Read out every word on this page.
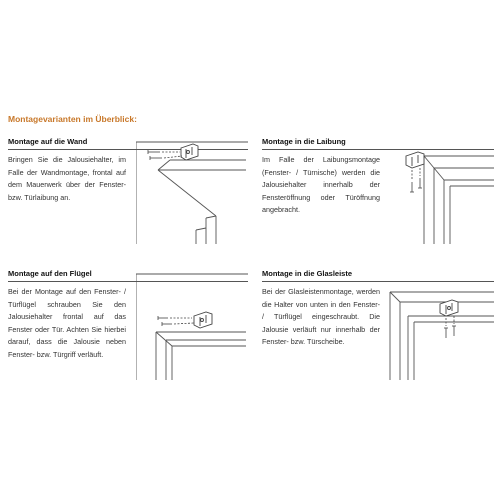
Montagevarianten im Überblick:
Montage auf die Wand
Bringen Sie die Jalousiehalter, im Falle der Wandmontage, frontal auf dem Mauerwerk über der Fenster- bzw. Türlaibung an.
Montage in die Laibung
Im Falle der Laibungsmontage (Fenster- / Türnische) werden die Jalousiehalter innerhalb der Fensteröffnung oder Türöffnung angebracht.
Montage auf den Flügel
Bei der Montage auf den Fenster- / Türflügel schrauben Sie den Jalousiehalter frontal auf das Fenster oder Tür. Achten Sie hierbei darauf, dass die Jalousie neben Fenster- bzw. Türgriff verläuft.
Montage in die Glasleiste
Bei der Glasleistenmontage, werden die Halter von unten in den Fenster- / Türflügel eingeschraubt. Die Jalousie verläuft nur innerhalb der Fenster- bzw. Türscheibe.
